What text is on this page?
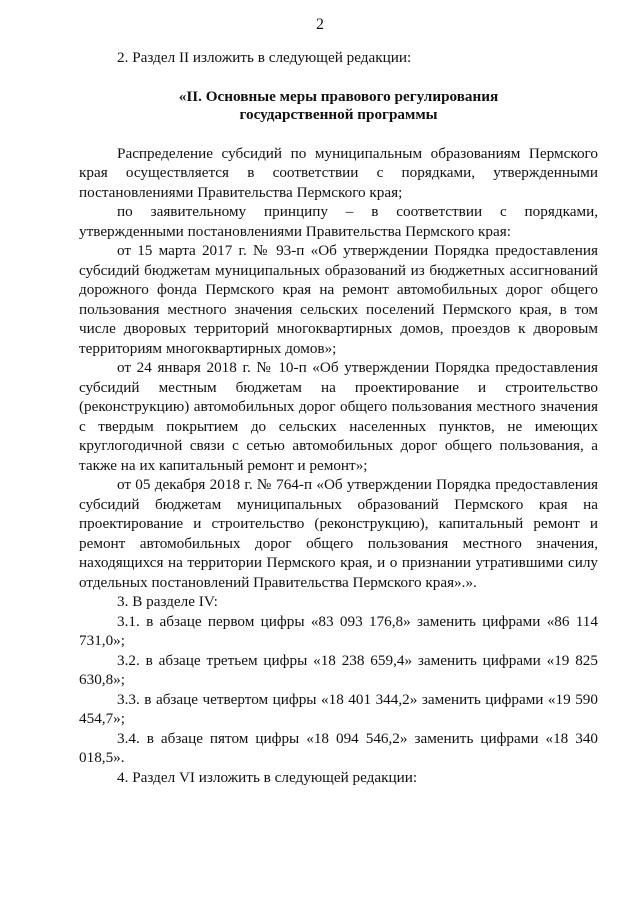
2

2. Раздел II изложить в следующей редакции:

«II. Основные меры правового регулирования
государственной программы

Распределение субсидий по муниципальным образованиям Пермского края осуществляется в соответствии с порядками, утвержденными постановлениями Правительства Пермского края;

по заявительному принципу – в соответствии с порядками, утвержденными постановлениями Правительства Пермского края:

от 15 марта 2017 г. № 93-п «Об утверждении Порядка предоставления субсидий бюджетам муниципальных образований из бюджетных ассигнований дорожного фонда Пермского края на ремонт автомобильных дорог общего пользования местного значения сельских поселений Пермского края, в том числе дворовых территорий многоквартирных домов, проездов к дворовым территориям многоквартирных домов»;

от 24 января 2018 г. № 10-п «Об утверждении Порядка предоставления субсидий местным бюджетам на проектирование и строительство (реконструкцию) автомобильных дорог общего пользования местного значения с твердым покрытием до сельских населенных пунктов, не имеющих круглогодичной связи с сетью автомобильных дорог общего пользования, а также на их капитальный ремонт и ремонт»;

от 05 декабря 2018 г. № 764-п «Об утверждении Порядка предоставления субсидий бюджетам муниципальных образований Пермского края на проектирование и строительство (реконструкцию), капитальный ремонт и ремонт автомобильных дорог общего пользования местного значения, находящихся на территории Пермского края, и о признании утратившими силу отдельных постановлений Правительства Пермского края».».

3. В разделе IV:

3.1. в абзаце первом цифры «83 093 176,8» заменить цифрами «86 114 731,0»;

3.2. в абзаце третьем цифры «18 238 659,4» заменить цифрами «19 825 630,8»;

3.3. в абзаце четвертом цифры «18 401 344,2» заменить цифрами «19 590 454,7»;

3.4. в абзаце пятом цифры «18 094 546,2» заменить цифрами «18 340 018,5».

4. Раздел VI изложить в следующей редакции:
